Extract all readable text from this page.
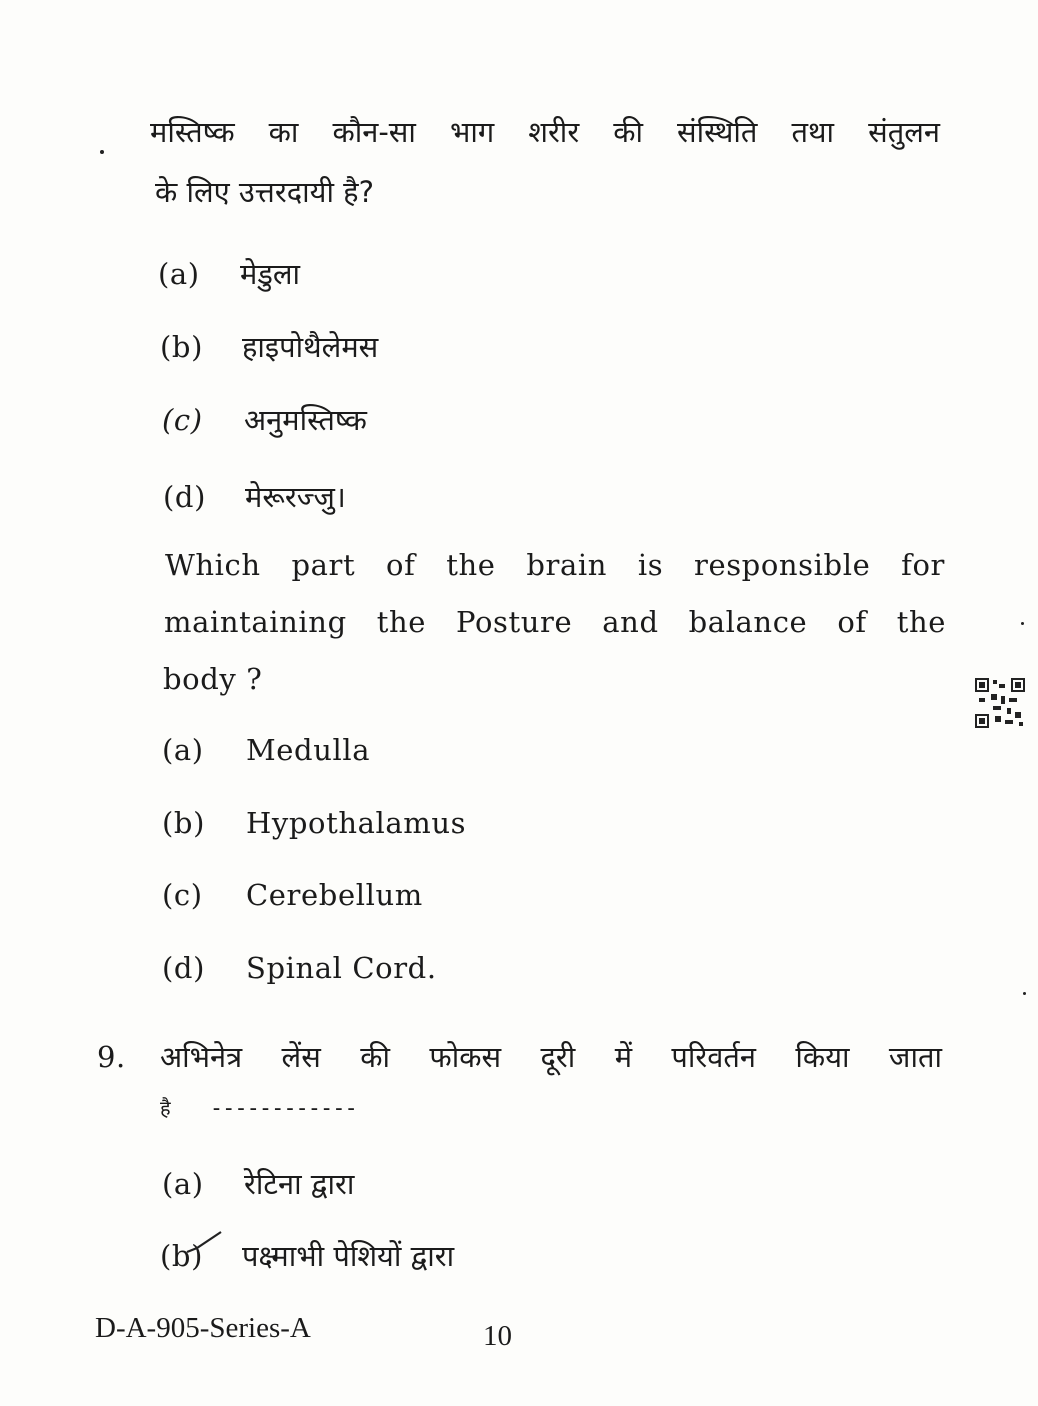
मस्तिष्क का कौन-सा भाग शरीर की संस्थिति तथा संतुलन
के लिए उत्तरदायी है?
(a) मेडुला
(b) हाइपोथैलेमस
(c) अनुमस्तिष्क
(d) मेरूरज्जु।
Which part of the brain is responsible for
maintaining the Posture and balance of the
body ?
(a) Medulla
(b) Hypothalamus
(c) Cerebellum
(d) Spinal Cord.
9. अभिनेत्र लेंस की फोकस दूरी में परिवर्तन किया जाता
है ------------
(a) रेटिना द्वारा
(b) पक्ष्माभी पेशियों द्वारा
D-A-905-Series-A	10
